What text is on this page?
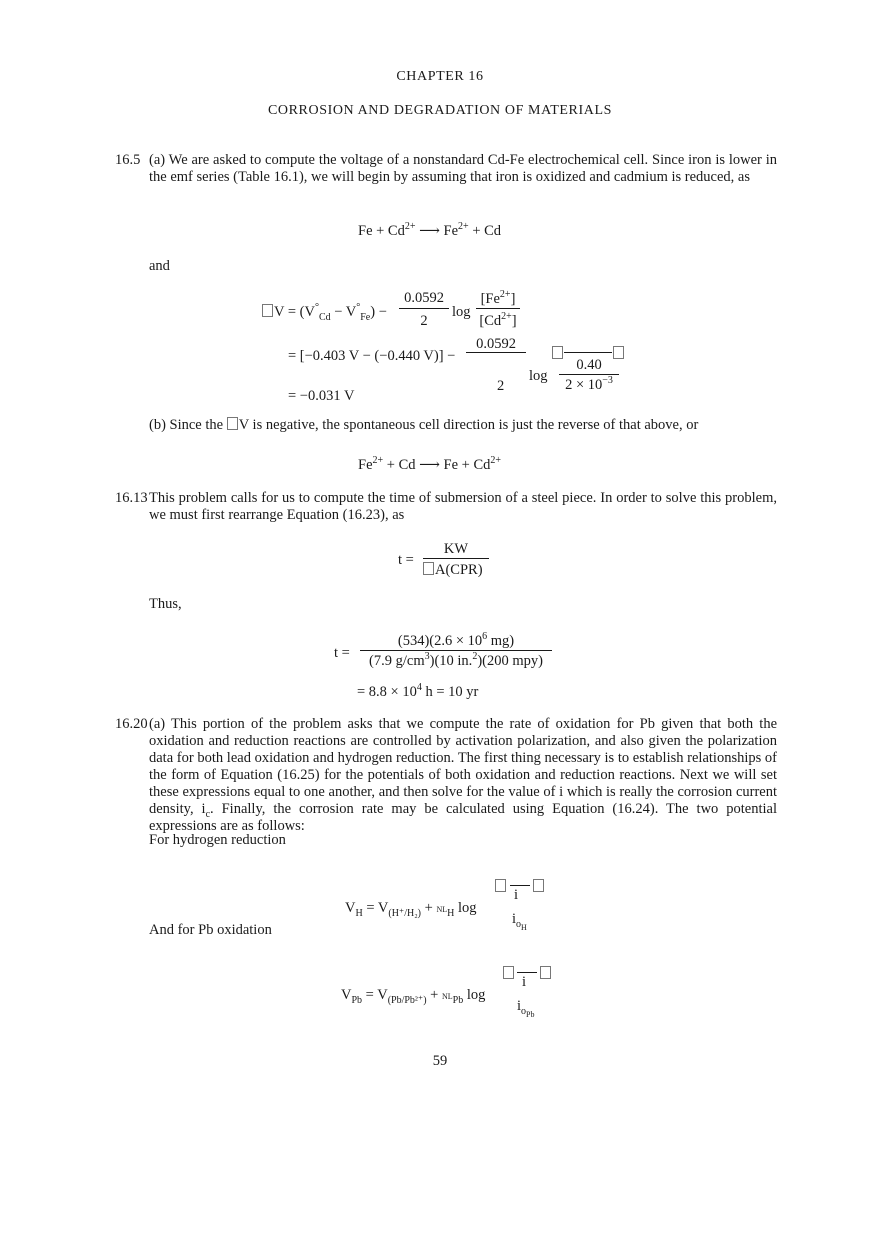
CHAPTER 16
CORROSION AND DEGRADATION OF MATERIALS
16.5 (a) We are asked to compute the voltage of a nonstandard Cd-Fe electrochemical cell. Since iron is lower in the emf series (Table 16.1), we will begin by assuming that iron is oxidized and cadmium is reduced, as
$Fe + Cd^{2+}$ ⟶ $Fe^{2+} + Cd$
and
$V = (V^\circ_{Cd} - V^\circ_{Fe})$ −
0.0592
2
log
$[Fe^{2+}]$
$[Cd^{2+}]$
= [−0.403 V − (−0.440 V)] −
0.0592
2
log
0.40
$2 \times 10^{-3}$
= −0.031 V
(b) Since the V is negative, the spontaneous cell direction is just the reverse of that above, or
$Fe^{2+} + Cd$ ⟶ $Fe + Cd^{2+}$
16.13 This problem calls for us to compute the time of submersion of a steel piece. In order to solve this problem, we must first rearrange Equation (16.23), as
t =
KW
A(CPR)
Thus,
t =
$(534)(2.6 \times 10^6$ mg)
(7.9 $g/cm^3)(10$ in.$^2$)(200 mpy)
= $8.8 \times 10^4$ h = 10 yr
16.20 (a) This portion of the problem asks that we compute the rate of oxidation for Pb given that both the oxidation and reduction reactions are controlled by activation polarization, and also given the polarization data for both lead oxidation and hydrogen reduction. The first thing necessary is to establish relationships of the form of Equation (16.25) for the potentials of both oxidation and reduction reactions. Next we will set these expressions equal to one another, and then solve for the value of i which is really the corrosion current density, $i_c$. Finally, the corrosion rate may be calculated using Equation (16.24). The two potential expressions are as follows:
For hydrogen reduction
$V_H = V_{(H^+/H_2)} + NL_H$ log
i
$i_{o_H}$
And for Pb oxidation
$V_{Pb} = V_{(Pb/Pb^{2+})} + NL_{Pb}$ log
i
$i_{o_{Pb}}$
59
